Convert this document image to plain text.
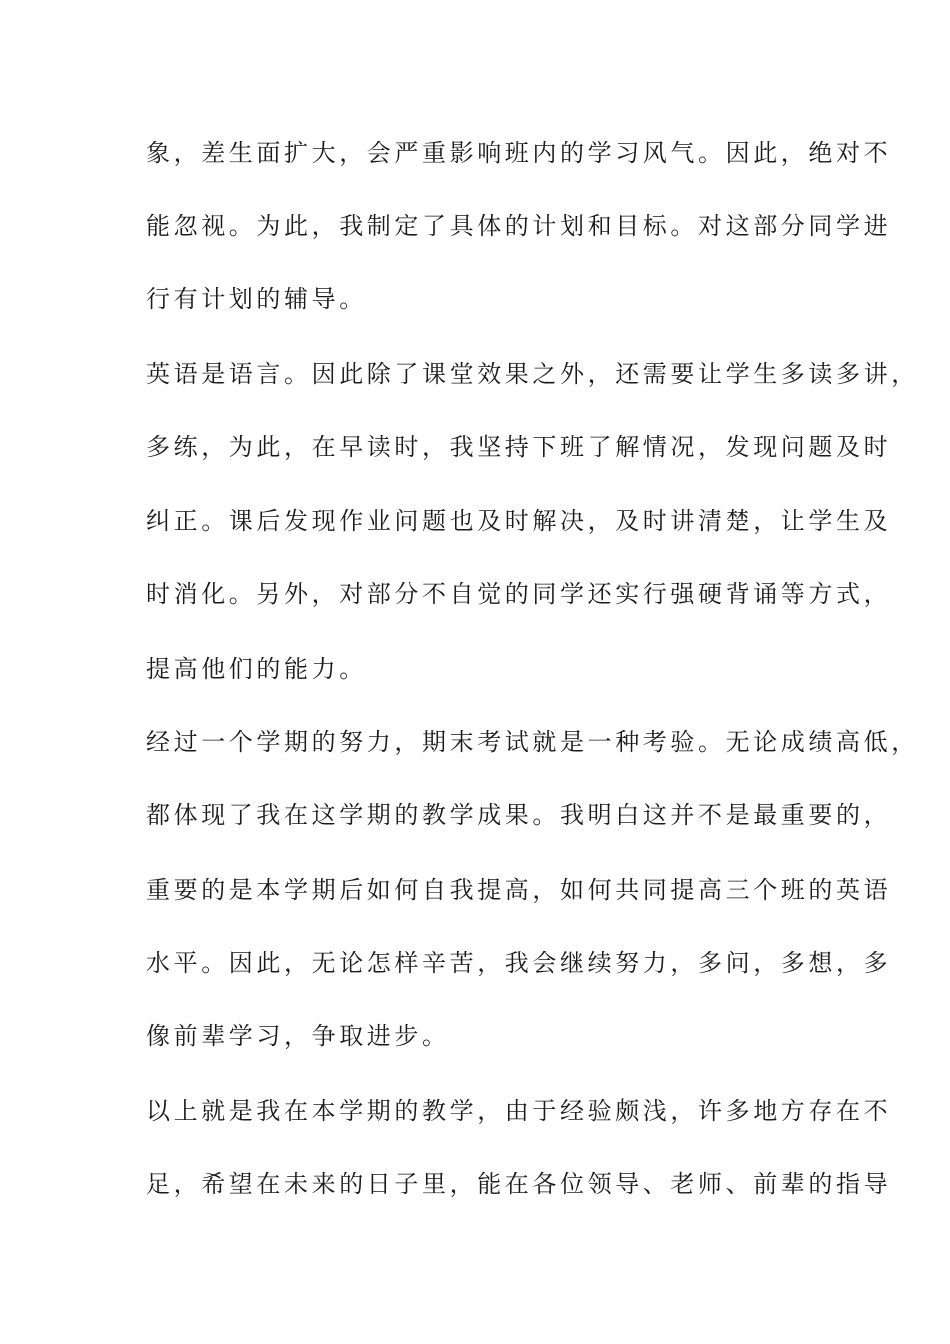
象，差生面扩大，会严重影响班内的学习风气。因此，绝对不
能忽视。为此，我制定了具体的计划和目标。对这部分同学进
行有计划的辅导。
英语是语言。因此除了课堂效果之外，还需要让学生多读多讲，
多练，为此，在早读时，我坚持下班了解情况，发现问题及时
纠正。课后发现作业问题也及时解决，及时讲清楚，让学生及
时消化。另外，对部分不自觉的同学还实行强硬背诵等方式，
提高他们的能力。
经过一个学期的努力，期末考试就是一种考验。无论成绩高低，
都体现了我在这学期的教学成果。我明白这并不是最重要的，
重要的是本学期后如何自我提高，如何共同提高三个班的英语
水平。因此，无论怎样辛苦，我会继续努力，多问，多想，多
像前辈学习，争取进步。
以上就是我在本学期的教学，由于经验颇浅，许多地方存在不
足，希望在未来的日子里，能在各位领导、老师、前辈的指导
